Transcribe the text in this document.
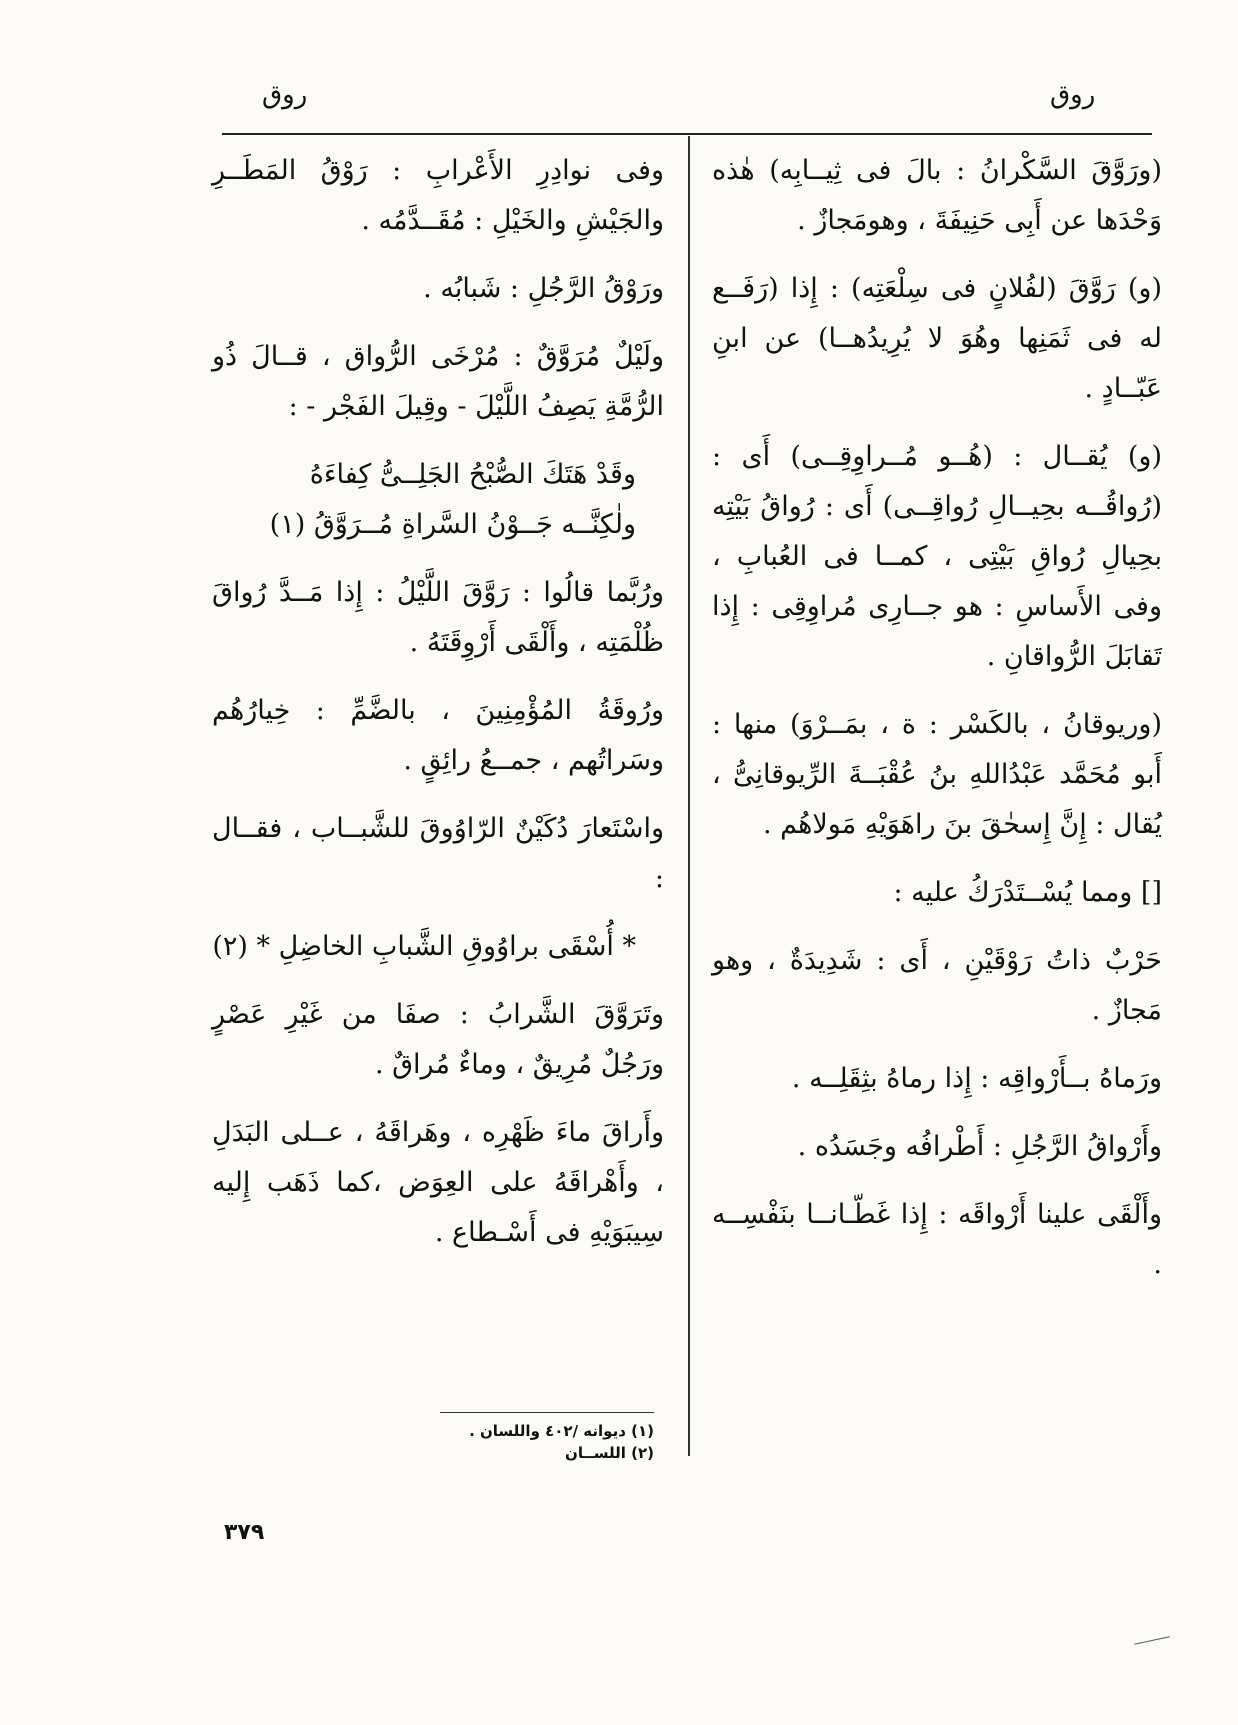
روق
روق

(ورَوَّقَ السَّكْرانُ : بالَ فى ثِيــابِه) هٰذه وَحْدَها عن أَبِى حَنِيفَةَ ، وهومَجازٌ .

(و) رَوَّقَ (لفُلانٍ فى سِلْعَتِه) : إِذا (رَفَــع له فى ثَمَنِها وهُوَ لا يُرِيدُهــا) عن ابنِ عَبّــادٍ .

(و) يُقــال : (هُــو مُــراوِقِــى) أَى : (رُواقُــه بحِيــالِ رُواقِــى) أَى : رُواقُ بَيْتِه بحِيالِ رُواقِ بَيْتِى ، كمــا فى العُبابِ ، وفى الأَساسِ : هو جــارِى مُراوِقِى : إِذا تَقابَلَ الرُّواقانِ .

(وريوقانُ ، بالكَسْر : ة ، بمَــرْوَ) منها : أَبو مُحَمَّد عَبْدُاللهِ بنُ عُقْبَــةَ الرِّيوقانِىُّ ، يُقال : إِنَّ إِسحٰقَ بنَ راهَوَيْهِ مَولاهُم .

[] ومما يُسْــتَدْرَكُ عليه :

حَرْبٌ ذاتُ رَوْقَيْنِ ، أَى : شَدِيدَةٌ ، وهو مَجازٌ .

ورَماهُ بــأَرْواقِه : إِذا رماهُ بثِقَلِــه .

وأَرْواقُ الرَّجُلِ : أَطْرافُه وجَسَدُه .

وأَلْقَى علينا أَرْواقَه : إِذا غَطّـانــا بنَفْسِــه .

وفى نوادِرِ الأَعْرابِ : رَوْقُ المَطَــرِ والجَيْشِ والخَيْلِ : مُقَــدَّمُه .

ورَوْقُ الرَّجُلِ : شَبابُه .

ولَيْلٌ مُرَوَّقٌ : مُرْخَى الرُّواق ، قــالَ ذُو الرُّمَّةِ يَصِفُ اللَّيْلَ - وقِيلَ الفَجْر - :

وقَدْ هَتَكَ الصُّبْحُ الجَلِــىُّ كِفاءَهُ
ولٰكِنَّــه جَــوْنُ السَّراةِ مُــرَوَّقُ (١)

ورُبَّما قالُوا : رَوَّقَ اللَّيْلُ : إِذا مَــدَّ رُواقَ ظُلْمَتِه ، وأَلْقَى أَرْوِقَتَهُ .

ورُوقَةُ المُؤْمِنِينَ ، بالضَّمِّ : خِيارُهُم وسَراتُهم ، جمــعُ رائِقٍ .

واسْتَعارَ دُكَيْنٌ الرّاوُوقَ للشَّبــاب ، فقــال :

* أُسْقَى براوُوقِ الشَّبابِ الخاضِلِ * (٢)

وتَرَوَّقَ الشَّرابُ : صفَا من غَيْرِ عَصْرٍ ورَجُلٌ مُرِيقٌ ، وماءٌ مُراقٌ .

وأَراقَ ماءَ ظَهْرِه ، وهَراقَهُ ، عــلى البَدَلِ ، وأَهْراقَهُ على العِوَض ،كما ذَهَب إِليه سِيبَوَيْهِ فى أَسْـطاع .

(١) ديوانه /٤٠٢ واللسان .
(٢) اللســان
٣٧٩
